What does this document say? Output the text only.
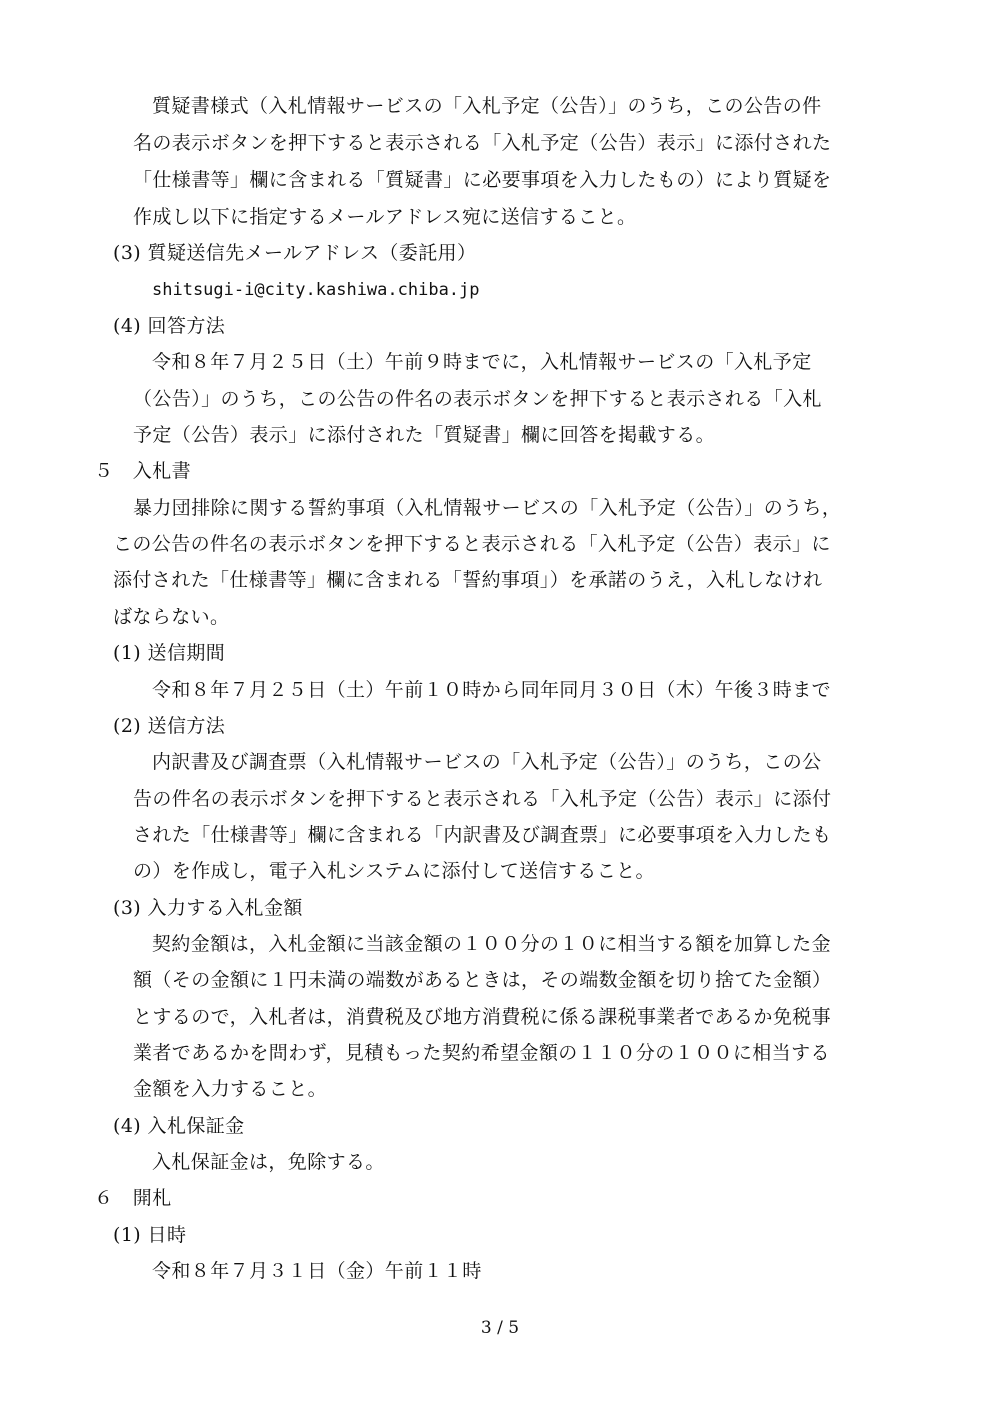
質疑書様式（入札情報サービスの「入札予定（公告）」のうち，この公告の件
名の表示ボタンを押下すると表示される「入札予定（公告）表示」に添付された
「仕様書等」欄に含まれる「質疑書」に必要事項を入力したもの）により質疑を
作成し以下に指定するメールアドレス宛に送信すること。
(3) 質疑送信先メールアドレス（委託用）
shitsugi-i@city.kashiwa.chiba.jp
(4) 回答方法
令和８年７月２５日（土）午前９時までに，入札情報サービスの「入札予定
（公告）」のうち，この公告の件名の表示ボタンを押下すると表示される「入札
予定（公告）表示」に添付された「質疑書」欄に回答を掲載する。
５　入札書
暴力団排除に関する誓約事項（入札情報サービスの「入札予定（公告）」のうち，
この公告の件名の表示ボタンを押下すると表示される「入札予定（公告）表示」に
添付された「仕様書等」欄に含まれる「誓約事項」）を承諾のうえ，入札しなけれ
ばならない。
(1) 送信期間
令和８年７月２５日（土）午前１０時から同年同月３０日（木）午後３時まで
(2) 送信方法
内訳書及び調査票（入札情報サービスの「入札予定（公告）」のうち，この公
告の件名の表示ボタンを押下すると表示される「入札予定（公告）表示」に添付
された「仕様書等」欄に含まれる「内訳書及び調査票」に必要事項を入力したも
の）を作成し，電子入札システムに添付して送信すること。
(3) 入力する入札金額
契約金額は，入札金額に当該金額の１００分の１０に相当する額を加算した金
額（その金額に１円未満の端数があるときは，その端数金額を切り捨てた金額）
とするので，入札者は，消費税及び地方消費税に係る課税事業者であるか免税事
業者であるかを問わず，見積もった契約希望金額の１１０分の１００に相当する
金額を入力すること。
(4) 入札保証金
入札保証金は，免除する。
６　開札
(1) 日時
令和８年７月３１日（金）午前１１時
3 / 5
